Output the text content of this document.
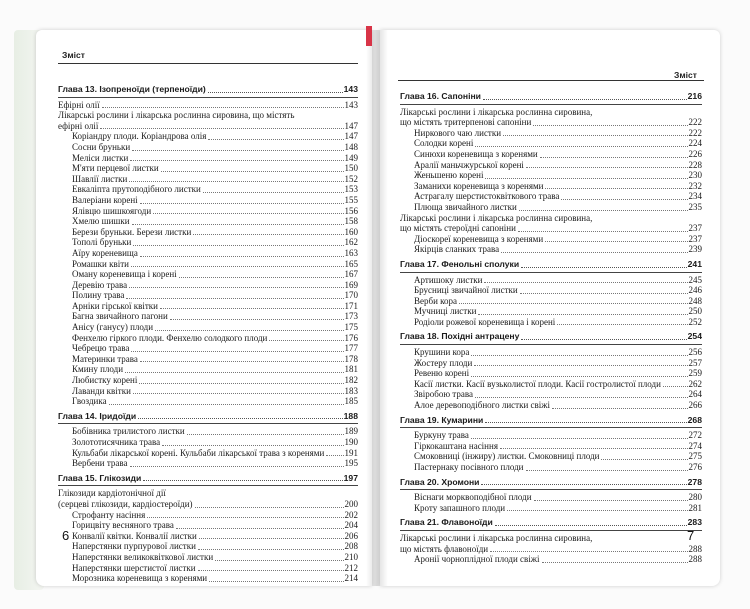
Зміст
Глава 13. Ізопреноїди (терпеноїди)	143
Ефірні олії	143
Лікарські рослини і лікарська рослинна сировина, що містять
ефірні олії	147
Коріандру плоди. Коріандрова олія	147
Сосни бруньки	148
Меліси листки	149
М'яти перцевої листки	150
Шавлії листки	152
Евкаліпта прутоподібного листки	153
Валеріани корені	155
Ялівцю шишкоягоди	156
Хмелю шишки	158
Берези бруньки. Берези листки	160
Тополі бруньки	162
Аїру кореневища	163
Ромашки квіти	165
Оману кореневища і корені	167
Деревію трава	169
Полину трава	170
Арніки гірської квітки	171
Багна звичайного пагони	173
Анісу (ганусу) плоди	175
Фенхелю гіркого плоди. Фенхелю солодкого плоди	176
Чебрецю трава	177
Материнки трава	178
Кмину плоди	181
Любистку корені	182
Лаванди квітки	183
Гвоздика	185
Глава 14. Іридоїди	188
Бобівника трилистого листки	189
Золототисячника трава	190
Кульбаби лікарської корені. Кульбаби лікарської трава з коренями 191
Вербени трава	195
Глава 15. Глікозиди	197
Глікозиди кардіотонічної дії
(серцеві глікозиди, кардіостероїди)	200
Строфанту насіння	202
Горицвіту весняного трава	204
Конвалії квітки. Конвалії листки	206
Наперстянки пурпурової листки	208
Наперстянки великоквіткової листки	210
Наперстянки шерстистої листки	212
Морозника кореневища з коренями	214
6
Зміст
Глава 16. Сапоніни	216
Лікарські рослини і лікарська рослинна сировина,
що містять тритерпенові сапоніни	222
Ниркового чаю листки	222
Солодки корені	224
Синюхи кореневища з коренями	226
Аралії маньчжурської корені	228
Женьшеню корені	230
Заманихи кореневища з коренями	232
Астрагалу шерстистоквіткового трава	234
Плюща звичайного листки	235
Лікарські рослини і лікарська рослинна сировина,
що містять стероїдні сапоніни	237
Діоскореї кореневища з коренями	237
Якірців сланких трава	239
Глава 17. Фенольні сполуки	241
Артишоку листки	245
Брусниці звичайної листки	246
Верби кора	248
Мучниці листки	250
Родіоли рожевої кореневища і корені	252
Глава 18. Похідні антрацену	254
Крушини кора	256
Жостеру плоди	257
Ревеню корені	259
Касії листки. Касії вузьколистої плоди. Касії гостролистої плоди	262
Звіробою трава	264
Алое деревоподібного листки свіжі	266
Глава 19. Кумарини	268
Буркуну трава	272
Гіркокаштана насіння	274
Смоковниці (інжиру) листки. Смоковниці плоди	275
Пастернаку посівного плоди	276
Глава 20. Хромони	278
Віснаги морквоподібної плоди	280
Кроту запашного плоди	281
Глава 21. Флавоноїди	283
Лікарські рослини і лікарська рослинна сировина,
що містять флавоноїди	288
Аронії чорноплідної плоди свіжі	288
7
